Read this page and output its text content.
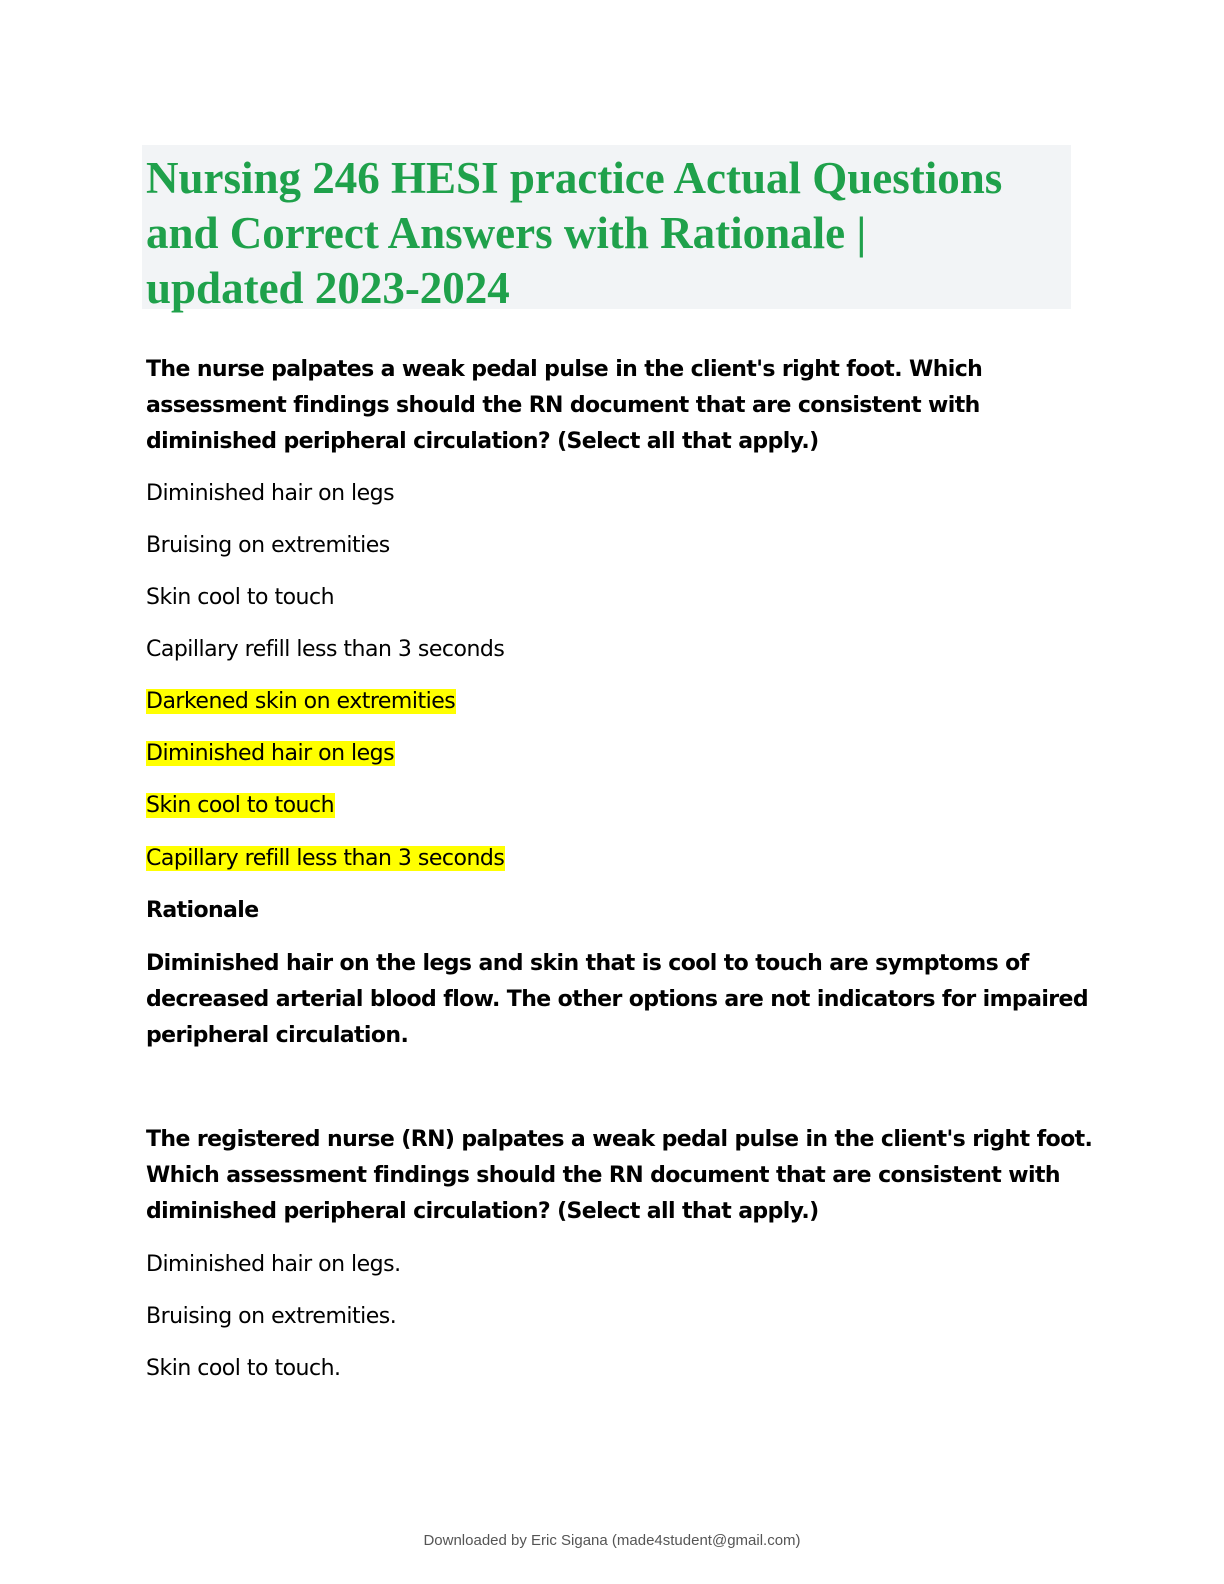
Nursing 246 HESI practice Actual Questions
and Correct Answers with Rationale |
updated 2023-2024
The nurse palpates a weak pedal pulse in the client's right foot. Which
assessment findings should the RN document that are consistent with
diminished peripheral circulation? (Select all that apply.)
Diminished hair on legs
Bruising on extremities
Skin cool to touch
Capillary refill less than 3 seconds
Darkened skin on extremities
Diminished hair on legs
Skin cool to touch
Capillary refill less than 3 seconds
Rationale
Diminished hair on the legs and skin that is cool to touch are symptoms of
decreased arterial blood flow. The other options are not indicators for impaired
peripheral circulation.
The registered nurse (RN) palpates a weak pedal pulse in the client's right foot.
Which assessment findings should the RN document that are consistent with
diminished peripheral circulation? (Select all that apply.)
Diminished hair on legs.
Bruising on extremities.
Skin cool to touch.
Downloaded by Eric Sigana (made4student@gmail.com)
